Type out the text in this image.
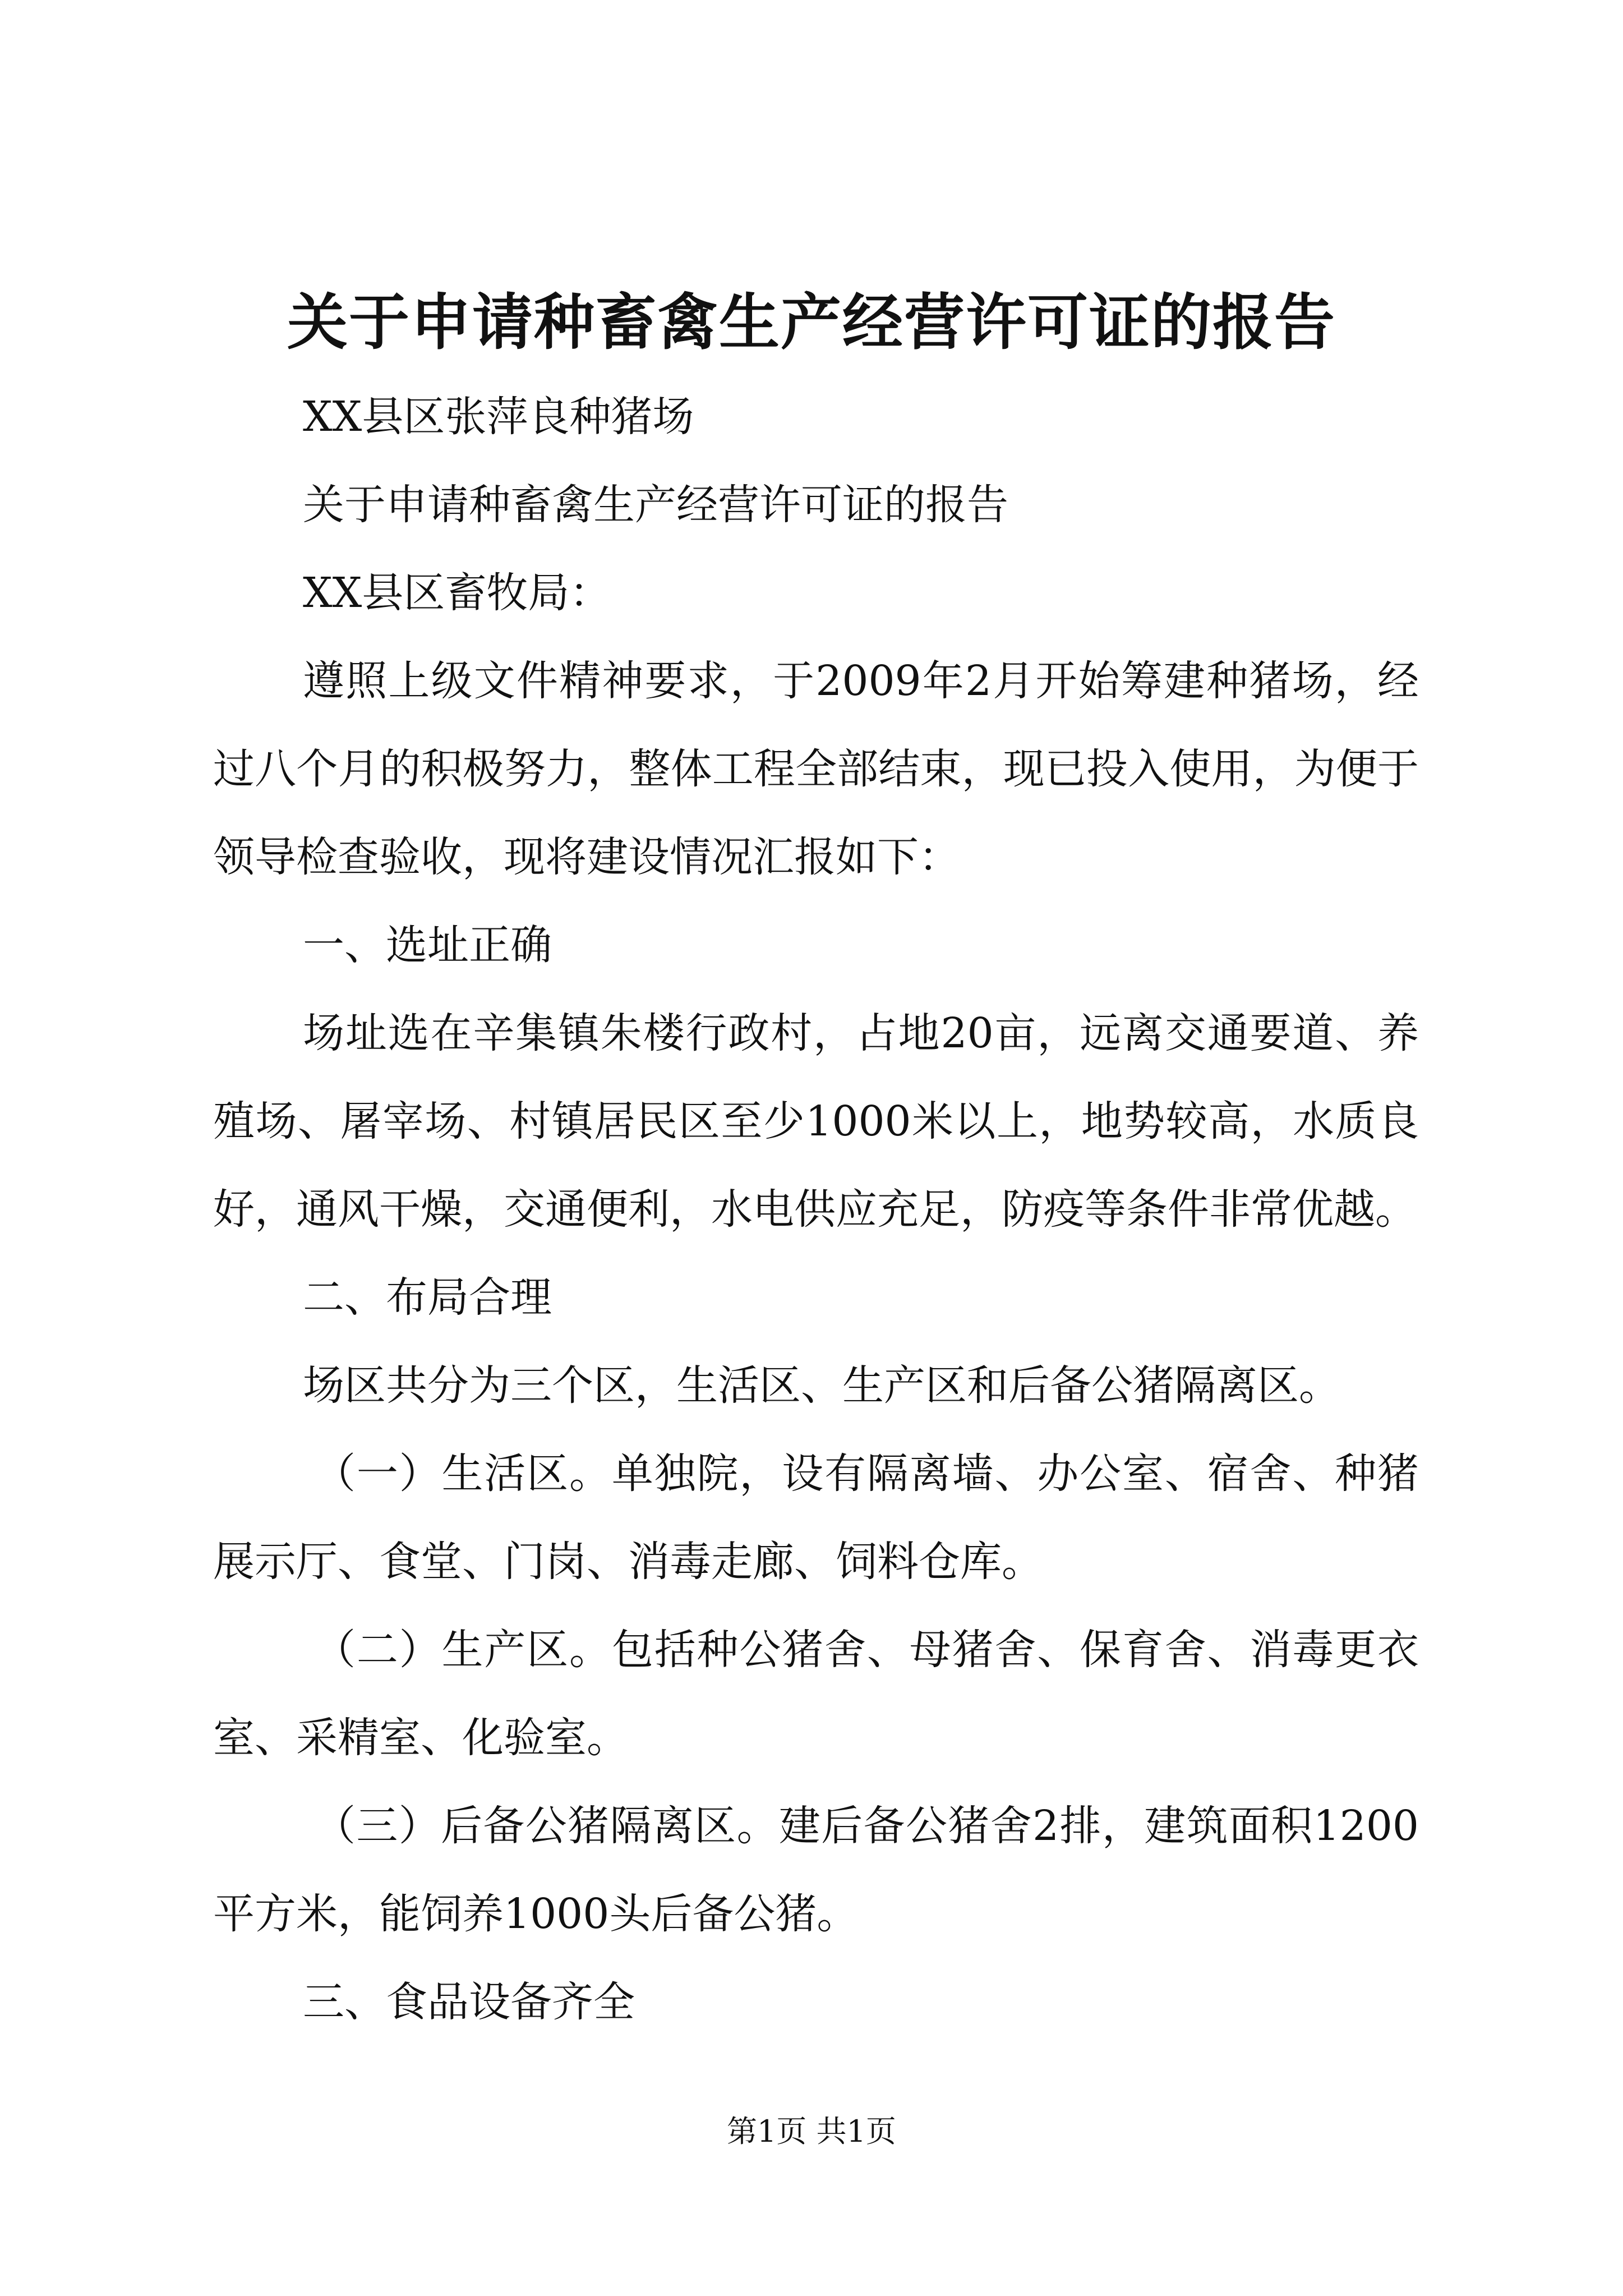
关于申请种畜禽生产经营许可证的报告

XX县区张萍良种猪场

关于申请种畜禽生产经营许可证的报告

XX县区畜牧局：

遵照上级文件精神要求，于2009年2月开始筹建种猪场，经过八个月的积极努力，整体工程全部结束，现已投入使用，为便于领导检查验收，现将建设情况汇报如下：

一、选址正确

场址选在辛集镇朱楼行政村，占地20亩，远离交通要道、养殖场、屠宰场、村镇居民区至少1000米以上，地势较高，水质良好，通风干燥，交通便利，水电供应充足，防疫等条件非常优越。

二、布局合理

场区共分为三个区，生活区、生产区和后备公猪隔离区。

（一）生活区。单独院，设有隔离墙、办公室、宿舍、种猪展示厅、食堂、门岗、消毒走廊、饲料仓库。

（二）生产区。包括种公猪舍、母猪舍、保育舍、消毒更衣室、采精室、化验室。

（三）后备公猪隔离区。建后备公猪舍2排，建筑面积1200平方米，能饲养1000头后备公猪。

三、食品设备齐全

第1页 共1页
